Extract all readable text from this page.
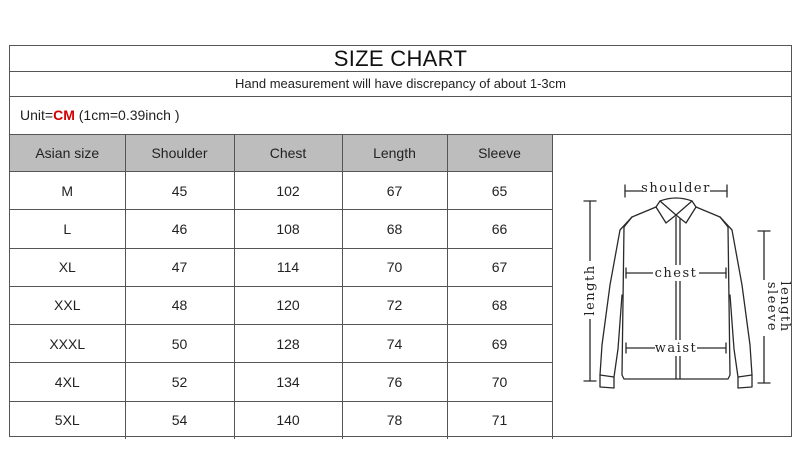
SIZE CHART
Hand measurement will have discrepancy of about 1-3cm
Unit=CM (1cm=0.39inch )
Asian size	Shoulder	Chest	Length	Sleeve
M	45	102	67	65
L	46	108	68	66
XL	47	114	70	67
XXL	48	120	72	68
XXXL	50	128	74	69
4XL	52	134	76	70
5XL	54	140	78	71
shoulder
chest
waist
length	sleeve
length
